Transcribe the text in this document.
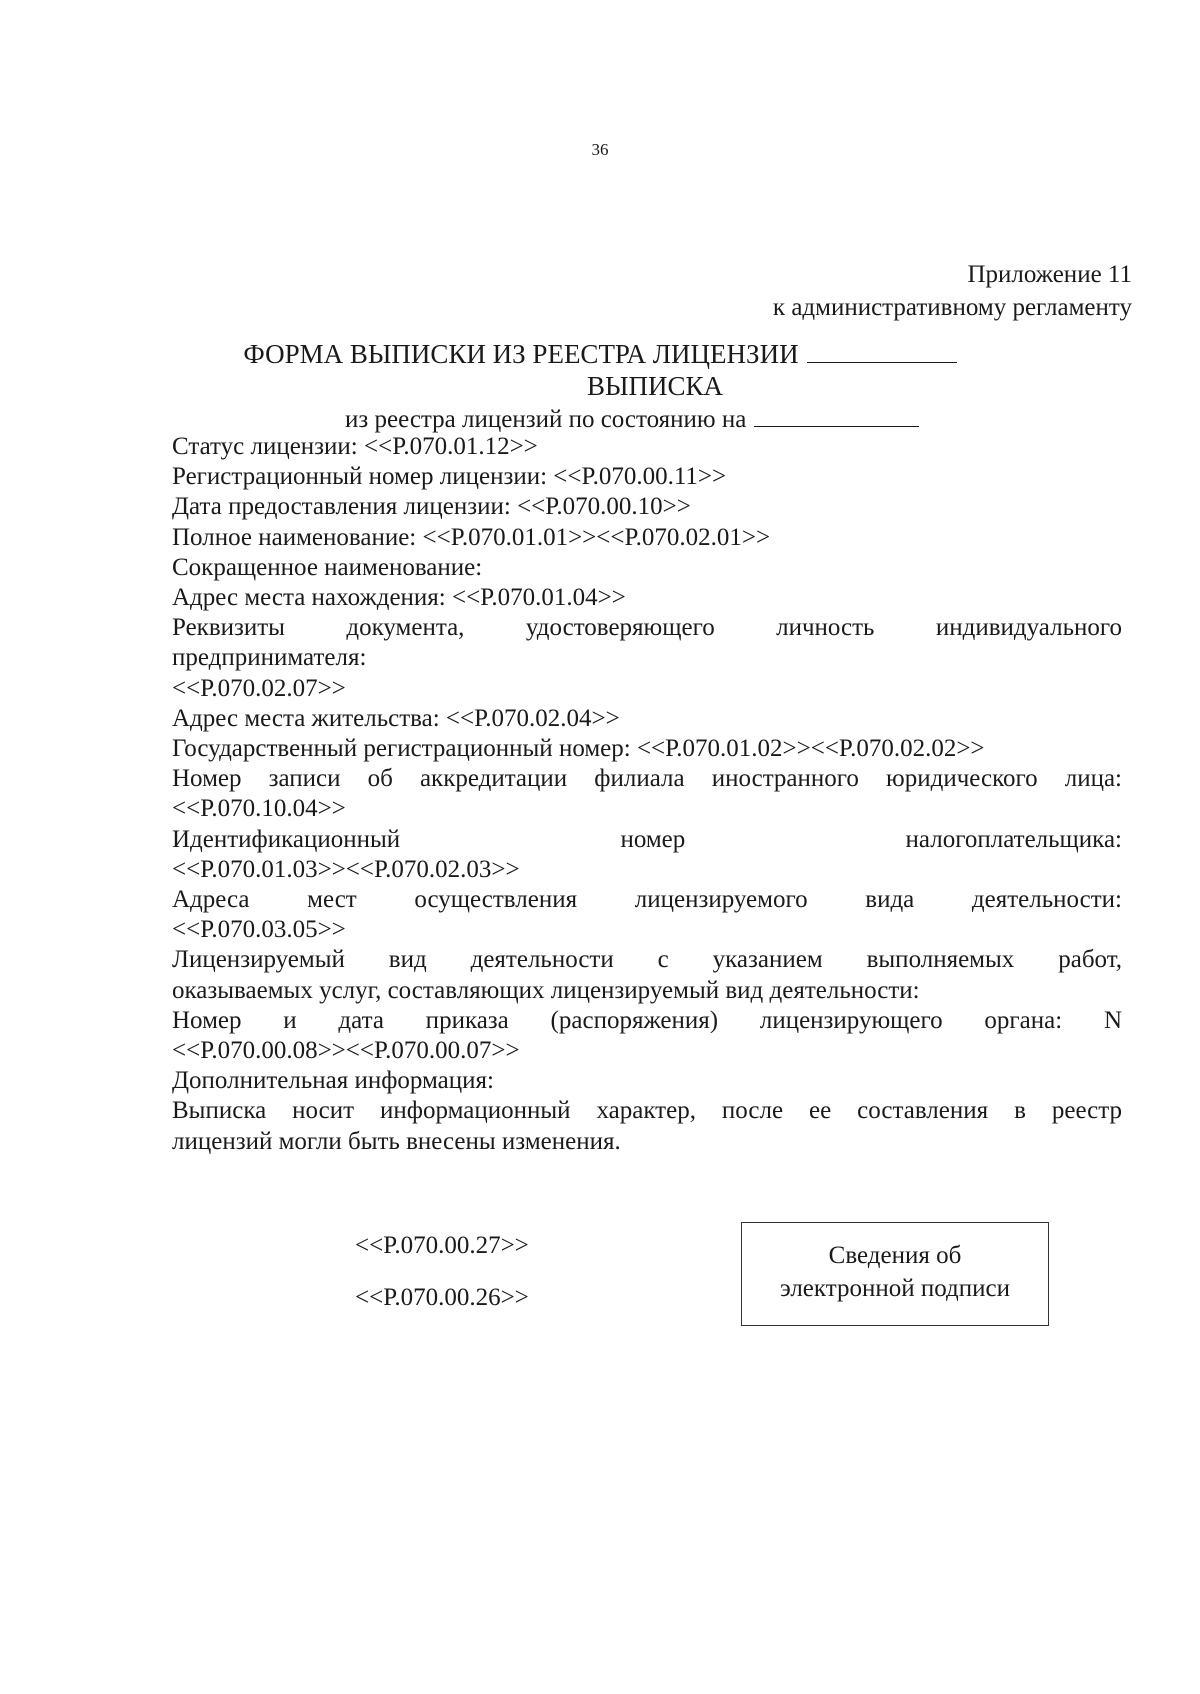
36
Приложение 11
к административному регламенту
ФОРМА ВЫПИСКИ ИЗ РЕЕСТРА ЛИЦЕНЗИИ
ВЫПИСКА
из реестра лицензий по состоянию на

Статус лицензии: <<P.070.01.12>>

Регистрационный номер лицензии: <<P.070.00.11>>

Дата предоставления лицензии: <<P.070.00.10>>

Полное наименование: <<P.070.01.01>><<P.070.02.01>>

Сокращенное наименование:

Адрес места нахождения: <<P.070.01.04>>

Реквизиты документа, удостоверяющего личность индивидуального

предпринимателя:

<<P.070.02.07>>

Адрес места жительства: <<P.070.02.04>>

Государственный регистрационный номер: <<P.070.01.02>><<P.070.02.02>>

Номер записи об аккредитации филиала иностранного юридического лица:

<<P.070.10.04>>

Идентификационный номер налогоплательщика:

<<P.070.01.03>><<P.070.02.03>>

Адреса мест осуществления лицензируемого вида деятельности:

<<P.070.03.05>>

Лицензируемый вид деятельности с указанием выполняемых работ,

оказываемых услуг, составляющих лицензируемый вид деятельности:

Номер и дата приказа (распоряжения) лицензирующего органа: N

<<P.070.00.08>><<P.070.00.07>>

Дополнительная информация:

Выписка носит информационный характер, после ее составления в реестр

лицензий могли быть внесены изменения.

<<P.070.00.27>>
<<P.070.00.26>>
Сведения об
электронной подписи
